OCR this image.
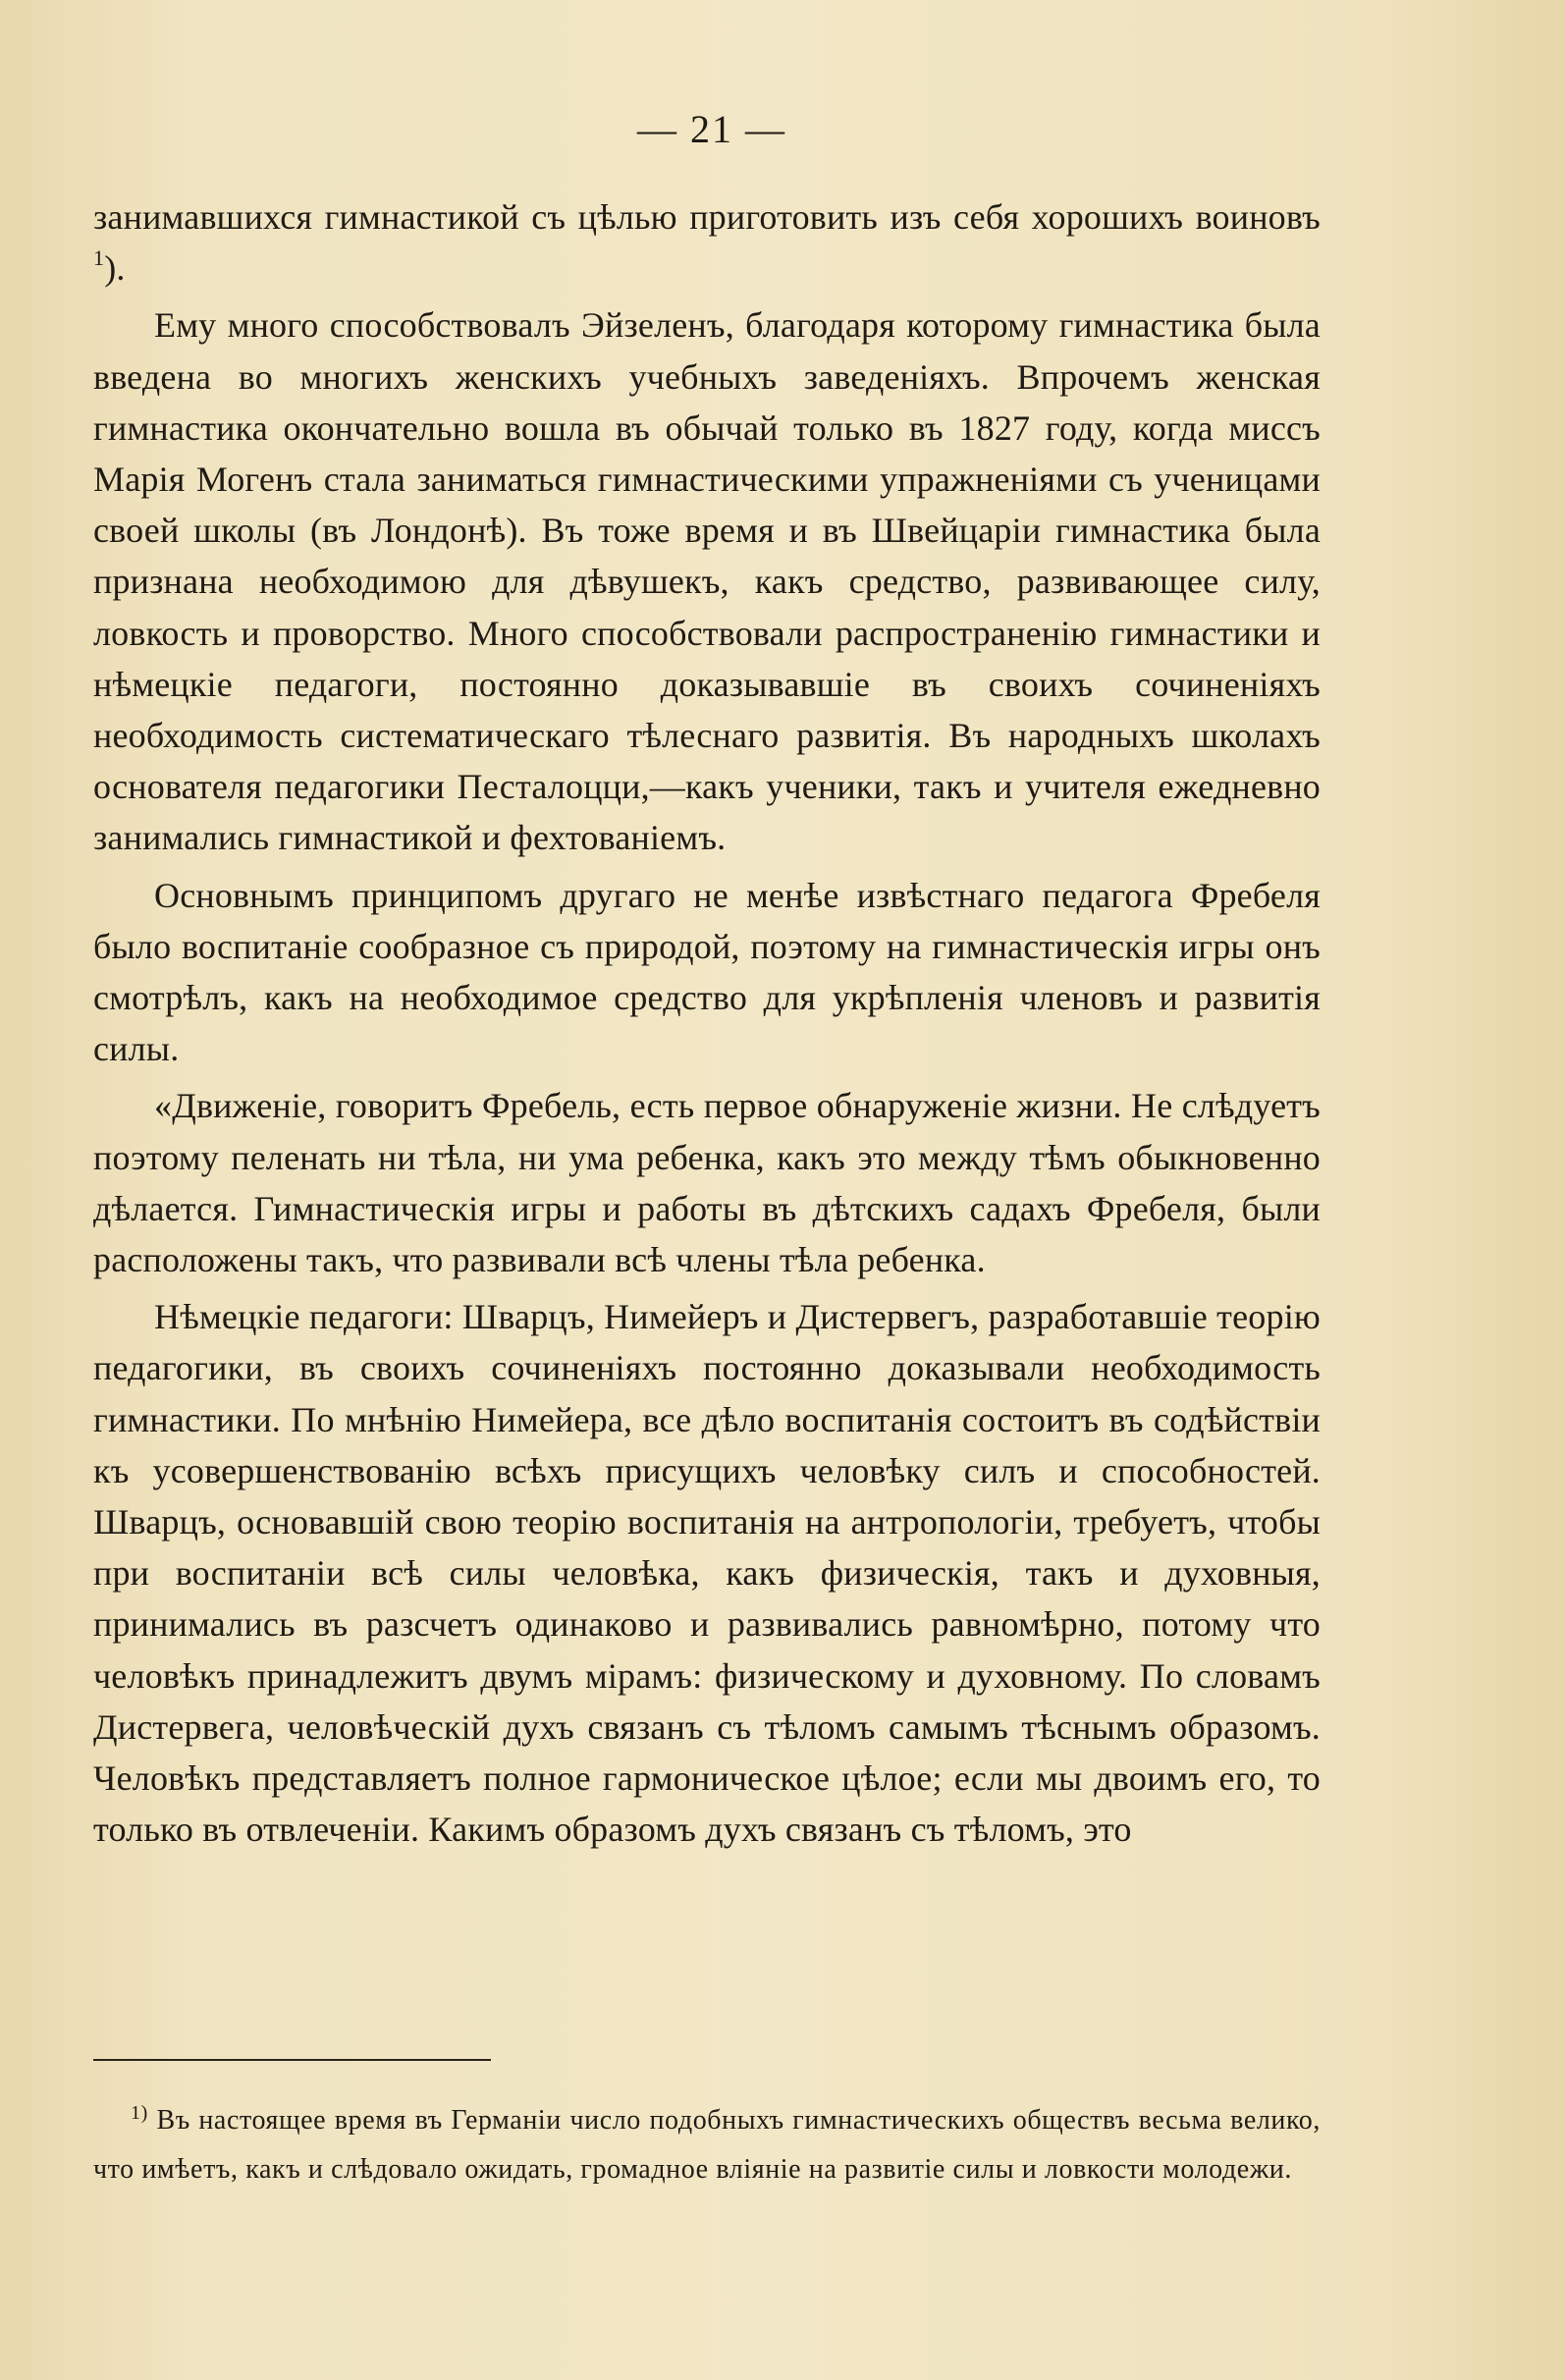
— 21 —

занимавшихся гимнастикой съ цѣлью приготовить изъ себя хорошихъ воиновъ $^1$).

Ему много способствовалъ Эйзеленъ, благодаря которому гимнастика была введена во многихъ женскихъ учебныхъ заведеніяхъ. Впрочемъ женская гимнастика окончательно вошла въ обычай только въ 1827 году, когда миссъ Марія Могенъ стала заниматься гимнастическими упражненіями съ ученицами своей школы (въ Лондонѣ). Въ тоже время и въ Швейцаріи гимнастика была признана необходимою для дѣвушекъ, какъ средство, развивающее силу, ловкость и проворство. Много способствовали распространенію гимнастики и нѣмецкіе педагоги, постоянно доказывавшіе въ своихъ сочиненіяхъ необходимость систематическаго тѣлеснаго развитія. Въ народныхъ школахъ основателя педагогики Песталоцци,—какъ ученики, такъ и учителя ежедневно занимались гимнастикой и фехтованіемъ.

Основнымъ принципомъ другаго не менѣе извѣстнаго педагога Фребеля было воспитаніе сообразное съ природой, поэтому на гимнастическія игры онъ смотрѣлъ, какъ на необходимое средство для укрѣпленія членовъ и развитія силы.

«Движеніе, говоритъ Фребель, есть первое обнаруженіе жизни. Не слѣдуетъ поэтому пеленать ни тѣла, ни ума ребенка, какъ это между тѣмъ обыкновенно дѣлается. Гимнастическія игры и работы въ дѣтскихъ садахъ Фребеля, были расположены такъ, что развивали всѣ члены тѣла ребенка.

Нѣмецкіе педагоги: Шварцъ, Нимейеръ и Дистервегъ, разработавшіе теорію педагогики, въ своихъ сочиненіяхъ постоянно доказывали необходимость гимнастики. По мнѣнію Нимейера, все дѣло воспитанія состоитъ въ содѣйствіи къ усовершенствованію всѣхъ присущихъ человѣку силъ и способностей. Шварцъ, основавшій свою теорію воспитанія на антропологіи, требуетъ, чтобы при воспитаніи всѣ силы человѣка, какъ физическія, такъ и духовныя, принимались въ разсчетъ одинаково и развивались равномѣрно, потому что человѣкъ принадлежитъ двумъ мірамъ: физическому и духовному. По словамъ Дистервега, человѣческій духъ связанъ съ тѣломъ самымъ тѣснымъ образомъ. Человѣкъ представляетъ полное гармоническое цѣлое; если мы двоимъ его, то только въ отвлеченіи. Какимъ образомъ духъ связанъ съ тѣломъ, это

$^{1)}$ Въ настоящее время въ Германіи число подобныхъ гимнастическихъ обществъ весьма велико, что имѣетъ, какъ и слѣдовало ожидать, громадное вліяніе на развитіе силы и ловкости молодежи.
